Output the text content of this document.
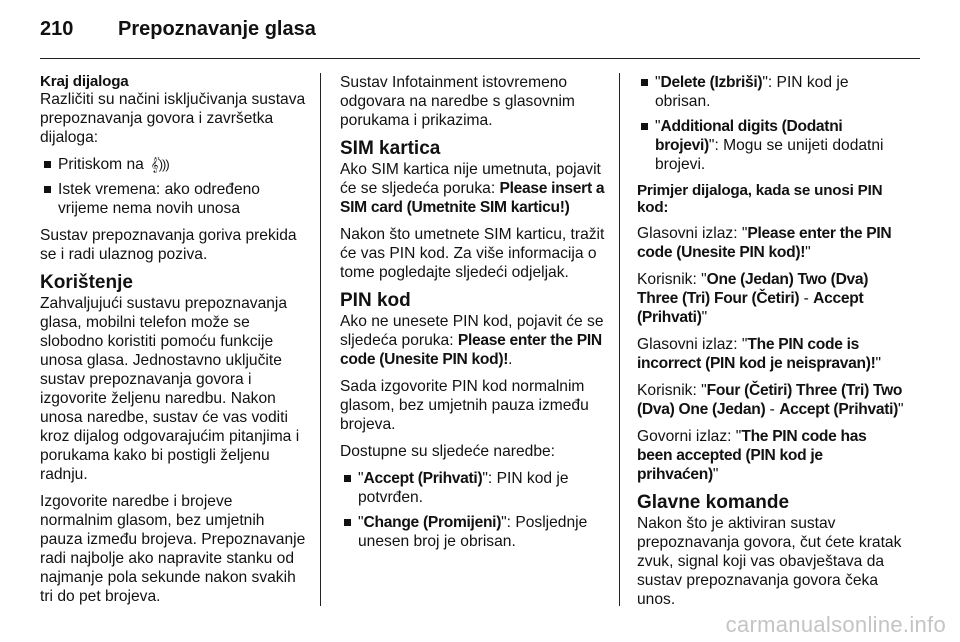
210 Prepoznavanje glasa
Kraj dijaloga

Različiti su načini isključivanja sustava prepoznavanja govora i završetka dijaloga:

Pritiskom na  𝄟︎)))
Istek vremena: ako određeno vrijeme nema novih unosa

Sustav prepoznavanja goriva prekida se i radi ulaznog poziva.

Korištenje

Zahvaljujući sustavu prepoznavanja glasa, mobilni telefon može se slobodno koristiti pomoću funkcije unosa glasa. Jednostavno uključite sustav prepoznavanja govora i izgovorite željenu naredbu. Nakon unosa naredbe, sustav će vas voditi kroz dijalog odgovarajućim pitanjima i porukama kako bi postigli željenu radnju.

Izgovorite naredbe i brojeve normalnim glasom, bez umjetnih pauza između brojeva. Prepoznavanje radi najbolje ako napravite stanku od najmanje pola sekunde nakon svakih tri do pet brojeva.

Sustav Infotainment istovremeno odgovara na naredbe s glasovnim porukama i prikazima.

SIM kartica

Ako SIM kartica nije umetnuta, pojavit će se sljedeća poruka: Please insert a SIM card (Umetnite SIM karticu!)

Nakon što umetnete SIM karticu, tražit će vas PIN kod. Za više informacija o tome pogledajte sljedeći odjeljak.

PIN kod

Ako ne unesete PIN kod, pojavit će se sljedeća poruka: Please enter the PIN code (Unesite PIN kod)!.

Sada izgovorite PIN kod normalnim glasom, bez umjetnih pauza između brojeva.

Dostupne su sljedeće naredbe:

"Accept (Prihvati)": PIN kod je potvrđen.
"Change (Promijeni)": Posljednje unesen broj je obrisan.
"Delete (Izbriši)": PIN kod je obrisan.
"Additional digits (Dodatni brojevi)": Mogu se unijeti dodatni brojevi.

Primjer dijaloga, kada se unosi PIN kod:

Glasovni izlaz: "Please enter the PIN code (Unesite PIN kod)!"

Korisnik: "One (Jedan) Two (Dva) Three (Tri) Four (Četiri) - Accept (Prihvati)"

Glasovni izlaz: "The PIN code is incorrect (PIN kod je neispravan)!"

Korisnik: "Four (Četiri) Three (Tri) Two (Dva) One (Jedan) - Accept (Prihvati)"

Govorni izlaz: "The PIN code has been accepted (PIN kod je prihvaćen)"

Glavne komande

Nakon što je aktiviran sustav prepoznavanja govora, čut ćete kratak zvuk, signal koji vas obavještava da sustav prepoznavanja govora čeka unos.

carmanualsonline.info
